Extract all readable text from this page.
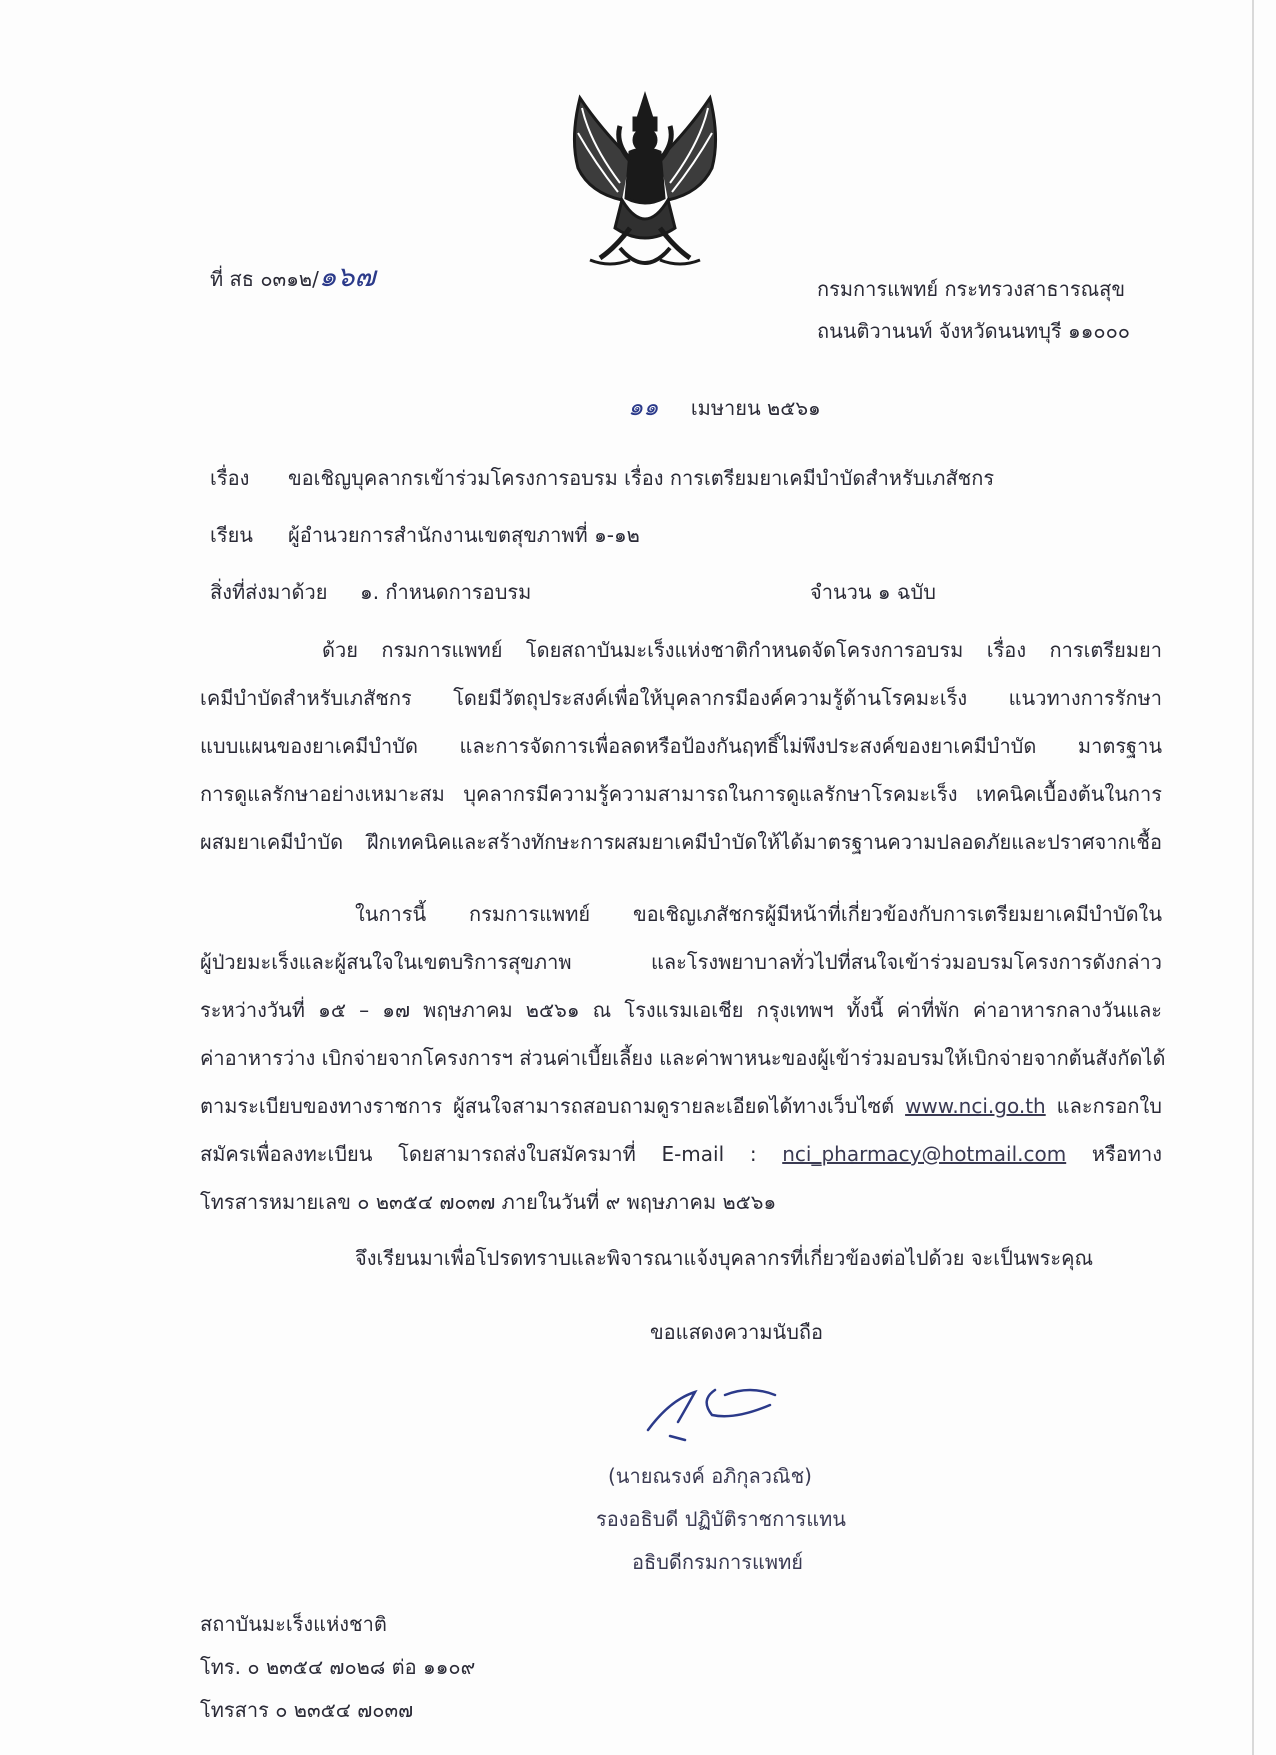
ที่ สธ ๐๓๑๒/๑๖๗	กรมการแพทย์ กระทรวงสาธารณสุข
ถนนติวานนท์ จังหวัดนนทบุรี ๑๑๐๐๐
๑๑ เมษายน ๒๕๖๑
เรื่อง ขอเชิญบุคลากรเข้าร่วมโครงการอบรม เรื่อง การเตรียมยาเคมีบำบัดสำหรับเภสัชกร
เรียน ผู้อำนวยการสำนักงานเขตสุขภาพที่ ๑-๑๒
สิ่งที่ส่งมาด้วย ๑. กำหนดการอบรม	จำนวน ๑ ฉบับ
ด้วย กรมการแพทย์ โดยสถาบันมะเร็งแห่งชาติกำหนดจัดโครงการอบรม เรื่อง การเตรียมยา
เคมีบำบัดสำหรับเภสัชกร โดยมีวัตถุประสงค์เพื่อให้บุคลากรมีองค์ความรู้ด้านโรคมะเร็ง แนวทางการรักษา
แบบแผนของยาเคมีบำบัด และการจัดการเพื่อลดหรือป้องกันฤทธิ์ไม่พึงประสงค์ของยาเคมีบำบัด มาตรฐาน
การดูแลรักษาอย่างเหมาะสม บุคลากรมีความรู้ความสามารถในการดูแลรักษาโรคมะเร็ง เทคนิคเบื้องต้นในการ
ผสมยาเคมีบำบัด ฝึกเทคนิคและสร้างทักษะการผสมยาเคมีบำบัดให้ได้มาตรฐานความปลอดภัยและปราศจากเชื้อ
ในการนี้ กรมการแพทย์ ขอเชิญเภสัชกรผู้มีหน้าที่เกี่ยวข้องกับการเตรียมยาเคมีบำบัดใน
ผู้ป่วยมะเร็งและผู้สนใจในเขตบริการสุขภาพ และโรงพยาบาลทั่วไปที่สนใจเข้าร่วมอบรมโครงการดังกล่าว
ระหว่างวันที่ ๑๕ – ๑๗ พฤษภาคม ๒๕๖๑ ณ โรงแรมเอเชีย กรุงเทพฯ ทั้งนี้ ค่าที่พัก ค่าอาหารกลางวันและ
ค่าอาหารว่าง เบิกจ่ายจากโครงการฯ ส่วนค่าเบี้ยเลี้ยง และค่าพาหนะของผู้เข้าร่วมอบรมให้เบิกจ่ายจากต้นสังกัดได้
ตามระเบียบของทางราชการ ผู้สนใจสามารถสอบถามดูรายละเอียดได้ทางเว็บไซต์ www.nci.go.th และกรอกใบ
สมัครเพื่อลงทะเบียน โดยสามารถส่งใบสมัครมาที่ E-mail : nci_pharmacy@hotmail.com หรือทาง
โทรสารหมายเลข ๐ ๒๓๕๔ ๗๐๓๗ ภายในวันที่ ๙ พฤษภาคม ๒๕๖๑
จึงเรียนมาเพื่อโปรดทราบและพิจารณาแจ้งบุคลากรที่เกี่ยวข้องต่อไปด้วย จะเป็นพระคุณ
ขอแสดงความนับถือ
(นายณรงค์ อภิกุลวณิช)
รองอธิบดี ปฏิบัติราชการแทน
อธิบดีกรมการแพทย์
สถาบันมะเร็งแห่งชาติ
โทร. ๐ ๒๓๕๔ ๗๐๒๘ ต่อ ๑๑๐๙
โทรสาร ๐ ๒๓๕๔ ๗๐๓๗
